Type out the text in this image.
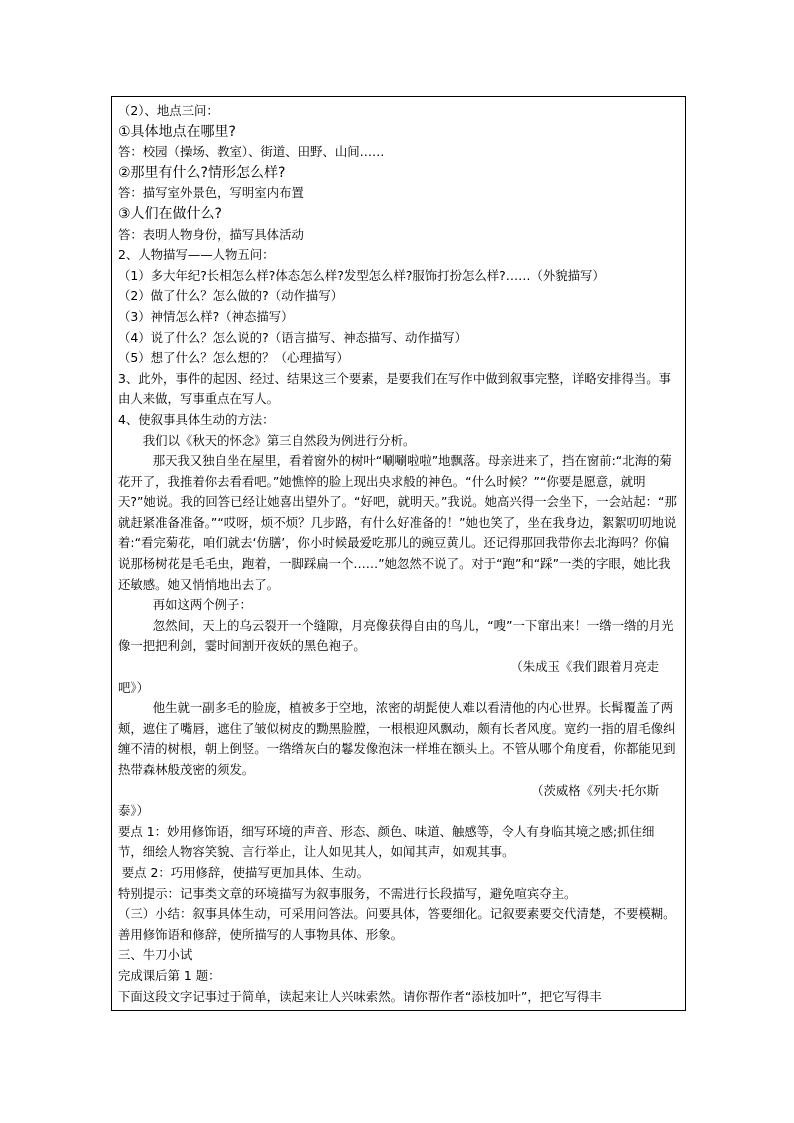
（2）、地点三问：

①具体地点在哪里?

答：校园（操场、教室）、街道、田野、山间……

②那里有什么?情形怎么样?

答：描写室外景色，写明室内布置

③人们在做什么?

答：表明人物身份，描写具体活动

2、人物描写——人物五问：

（1）多大年纪?长相怎么样?体态怎么样?发型怎么样?服饰打扮怎么样?……（外貌描写）

（2）做了什么？怎么做的?（动作描写）

（3）神情怎么样?（神态描写）

（4）说了什么？怎么说的?（语言描写、神态描写、动作描写）

（5）想了什么？怎么想的？（心理描写）

3、此外，事件的起因、经过、结果这三个要素，是要我们在写作中做到叙事完整，详略安排得当。事由人来做，写事重点在写人。

4、使叙事具体生动的方法：

我们以《秋天的怀念》第三自然段为例进行分析。

那天我又独自坐在屋里，看着窗外的树叶“唰唰啦啦”地飘落。母亲进来了，挡在窗前:“北海的菊花开了，我推着你去看看吧。”她憔悴的脸上现出央求般的神色。“什么时候？”“你要是愿意，就明天?”她说。我的回答已经让她喜出望外了。“好吧，就明天。”我说。她高兴得一会坐下，一会站起：“那就赶紧准备准备。”“哎呀，烦不烦？几步路，有什么好准备的！”她也笑了，坐在我身边，絮絮叨叨地说着:“看完菊花，咱们就去‘仿膳’，你小时候最爱吃那儿的豌豆黄儿。还记得那回我带你去北海吗？你偏说那杨树花是毛毛虫，跑着，一脚踩扁一个……”她忽然不说了。对于“跑”和“踩”一类的字眼，她比我还敏感。她又悄悄地出去了。

再如这两个例子：

忽然间，天上的乌云裂开一个缝隙，月亮像获得自由的鸟儿，“嗖”一下窜出来！一绺一绺的月光像一把把利剑，霎时间割开夜妖的黑色袍子。

（朱成玉《我们跟着月亮走

吧》）

他生就一副多毛的脸庞，植被多于空地，浓密的胡髭使人难以看清他的内心世界。长髯覆盖了两颊，遮住了嘴唇，遮住了皱似树皮的黝黑脸膛，一根根迎风飘动，颇有长者风度。宽约一指的眉毛像纠缠不清的树根，朝上倒竖。一绺绺灰白的鬈发像泡沫一样堆在额头上。不管从哪个角度看，你都能见到热带森林般茂密的须发。

（茨威格《列夫·托尔斯

泰》）

要点 1：妙用修饰语，细写环境的声音、形态、颜色、味道、触感等，令人有身临其境之感;抓住细节，细绘人物容笑貌、言行举止，让人如见其人，如闻其声，如观其事。

要点 2：巧用修辞，使描写更加具体、生动。

特别提示：记事类文章的环境描写为叙事服务，不需进行长段描写，避免喧宾夺主。

（三）小结：叙事具体生动，可采用问答法。问要具体，答要细化。记叙要素要交代清楚，不要模糊。善用修饰语和修辞，使所描写的人事物具体、形象。

三、牛刀小试

完成课后第 1 题：

下面这段文字记事过于简单，读起来让人兴味索然。请你帮作者“添枝加叶”，把它写得丰
